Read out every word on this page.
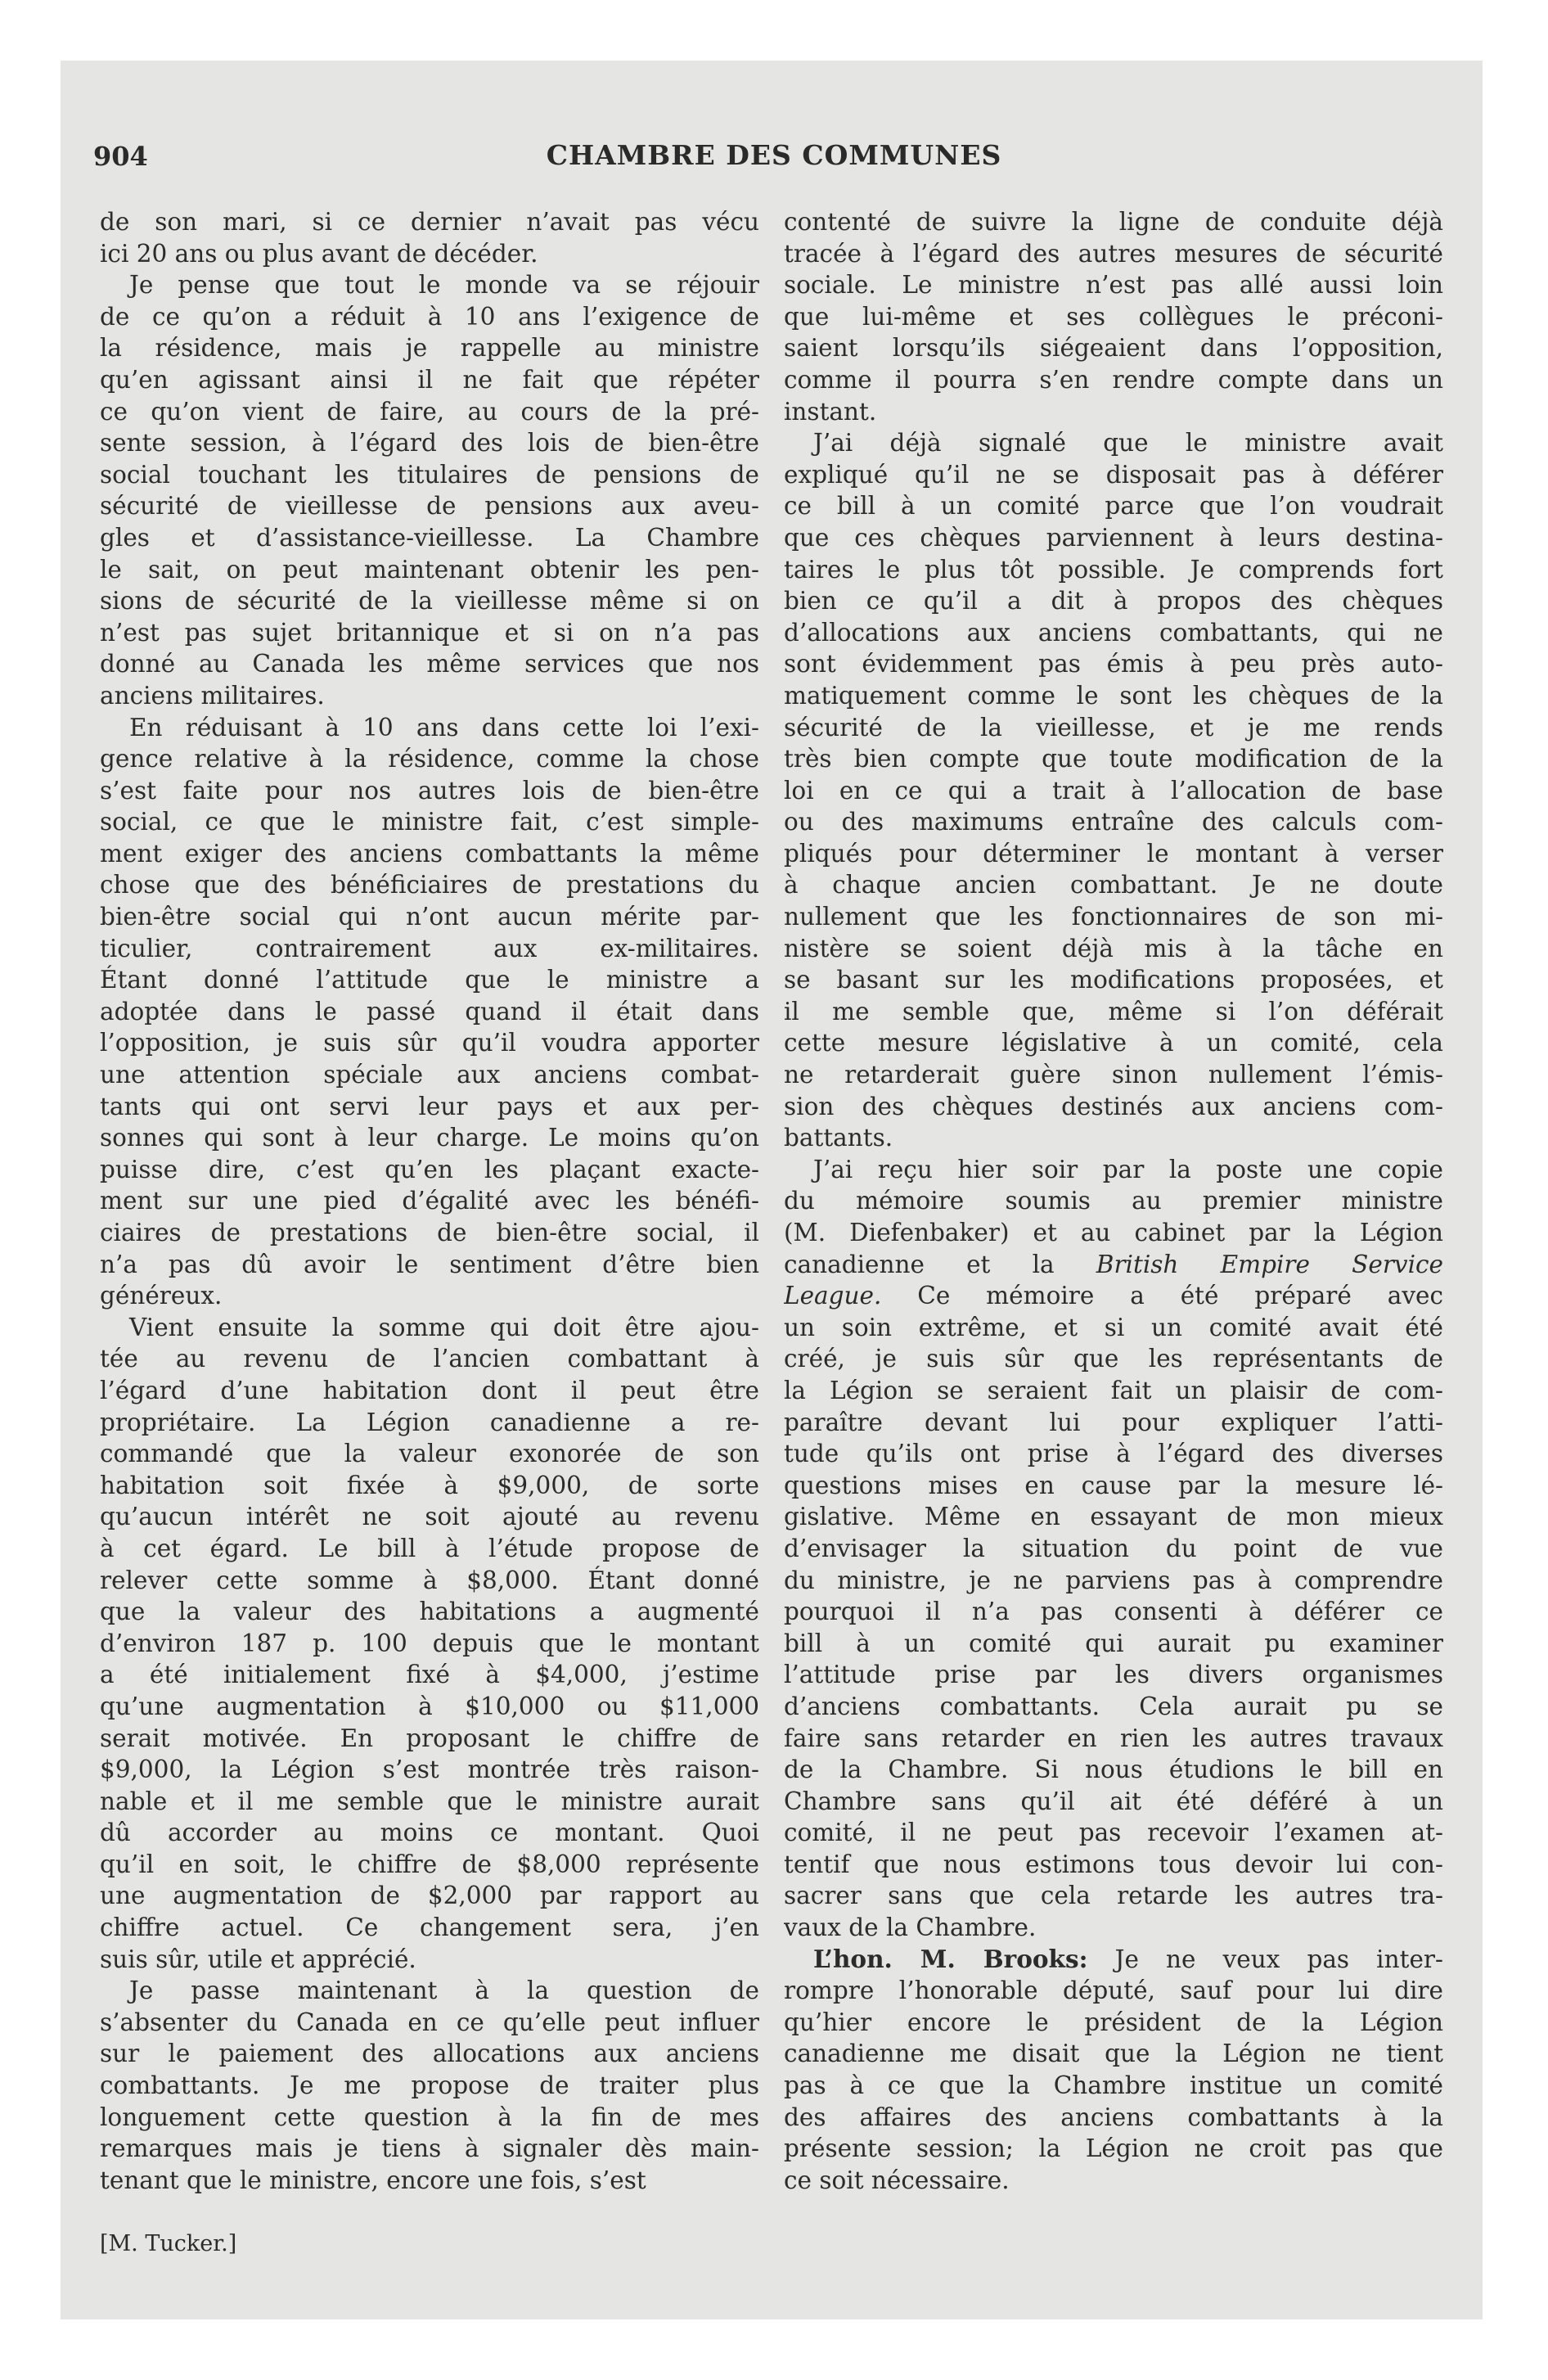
904	CHAMBRE DES COMMUNES
de son mari, si ce dernier n’avait pas vécu
ici 20 ans ou plus avant de décéder.
Je pense que tout le monde va se réjouir
de ce qu’on a réduit à 10 ans l’exigence de
la résidence, mais je rappelle au ministre
qu’en agissant ainsi il ne fait que répéter
ce qu’on vient de faire, au cours de la pré-
sente session, à l’égard des lois de bien-être
social touchant les titulaires de pensions de
sécurité de vieillesse de pensions aux aveu-
gles et d’assistance-vieillesse. La Chambre
le sait, on peut maintenant obtenir les pen-
sions de sécurité de la vieillesse même si on
n’est pas sujet britannique et si on n’a pas
donné au Canada les même services que nos
anciens militaires.
En réduisant à 10 ans dans cette loi l’exi-
gence relative à la résidence, comme la chose
s’est faite pour nos autres lois de bien-être
social, ce que le ministre fait, c’est simple-
ment exiger des anciens combattants la même
chose que des bénéficiaires de prestations du
bien-être social qui n’ont aucun mérite par-
ticulier, contrairement aux ex-militaires.
Étant donné l’attitude que le ministre a
adoptée dans le passé quand il était dans
l’opposition, je suis sûr qu’il voudra apporter
une attention spéciale aux anciens combat-
tants qui ont servi leur pays et aux per-
sonnes qui sont à leur charge. Le moins qu’on
puisse dire, c’est qu’en les plaçant exacte-
ment sur une pied d’égalité avec les bénéfi-
ciaires de prestations de bien-être social, il
n’a pas dû avoir le sentiment d’être bien
généreux.
Vient ensuite la somme qui doit être ajou-
tée au revenu de l’ancien combattant à
l’égard d’une habitation dont il peut être
propriétaire. La Légion canadienne a re-
commandé que la valeur exonorée de son
habitation soit fixée à $9,000, de sorte
qu’aucun intérêt ne soit ajouté au revenu
à cet égard. Le bill à l’étude propose de
relever cette somme à $8,000. Étant donné
que la valeur des habitations a augmenté
d’environ 187 p. 100 depuis que le montant
a été initialement fixé à $4,000, j’estime
qu’une augmentation à $10,000 ou $11,000
serait motivée. En proposant le chiffre de
$9,000, la Légion s’est montrée très raison-
nable et il me semble que le ministre aurait
dû accorder au moins ce montant. Quoi
qu’il en soit, le chiffre de $8,000 représente
une augmentation de $2,000 par rapport au
chiffre actuel. Ce changement sera, j’en
suis sûr, utile et apprécié.
Je passe maintenant à la question de
s’absenter du Canada en ce qu’elle peut influer
sur le paiement des allocations aux anciens
combattants. Je me propose de traiter plus
longuement cette question à la fin de mes
remarques mais je tiens à signaler dès main-
tenant que le ministre, encore une fois, s’est
contenté de suivre la ligne de conduite déjà
tracée à l’égard des autres mesures de sécurité
sociale. Le ministre n’est pas allé aussi loin
que lui-même et ses collègues le préconi-
saient lorsqu’ils siégeaient dans l’opposition,
comme il pourra s’en rendre compte dans un
instant.
J’ai déjà signalé que le ministre avait
expliqué qu’il ne se disposait pas à déférer
ce bill à un comité parce que l’on voudrait
que ces chèques parviennent à leurs destina-
taires le plus tôt possible. Je comprends fort
bien ce qu’il a dit à propos des chèques
d’allocations aux anciens combattants, qui ne
sont évidemment pas émis à peu près auto-
matiquement comme le sont les chèques de la
sécurité de la vieillesse, et je me rends
très bien compte que toute modification de la
loi en ce qui a trait à l’allocation de base
ou des maximums entraîne des calculs com-
pliqués pour déterminer le montant à verser
à chaque ancien combattant. Je ne doute
nullement que les fonctionnaires de son mi-
nistère se soient déjà mis à la tâche en
se basant sur les modifications proposées, et
il me semble que, même si l’on déférait
cette mesure législative à un comité, cela
ne retarderait guère sinon nullement l’émis-
sion des chèques destinés aux anciens com-
battants.
J’ai reçu hier soir par la poste une copie
du mémoire soumis au premier ministre
(M. Diefenbaker) et au cabinet par la Légion
canadienne et la British Empire Service
League. Ce mémoire a été préparé avec
un soin extrême, et si un comité avait été
créé, je suis sûr que les représentants de
la Légion se seraient fait un plaisir de com-
paraître devant lui pour expliquer l’atti-
tude qu’ils ont prise à l’égard des diverses
questions mises en cause par la mesure lé-
gislative. Même en essayant de mon mieux
d’envisager la situation du point de vue
du ministre, je ne parviens pas à comprendre
pourquoi il n’a pas consenti à déférer ce
bill à un comité qui aurait pu examiner
l’attitude prise par les divers organismes
d’anciens combattants. Cela aurait pu se
faire sans retarder en rien les autres travaux
de la Chambre. Si nous étudions le bill en
Chambre sans qu’il ait été déféré à un
comité, il ne peut pas recevoir l’examen at-
tentif que nous estimons tous devoir lui con-
sacrer sans que cela retarde les autres tra-
vaux de la Chambre.
L’hon. M. Brooks: Je ne veux pas inter-
rompre l’honorable député, sauf pour lui dire
qu’hier encore le président de la Légion
canadienne me disait que la Légion ne tient
pas à ce que la Chambre institue un comité
des affaires des anciens combattants à la
présente session; la Légion ne croit pas que
ce soit nécessaire.
[M. Tucker.]
